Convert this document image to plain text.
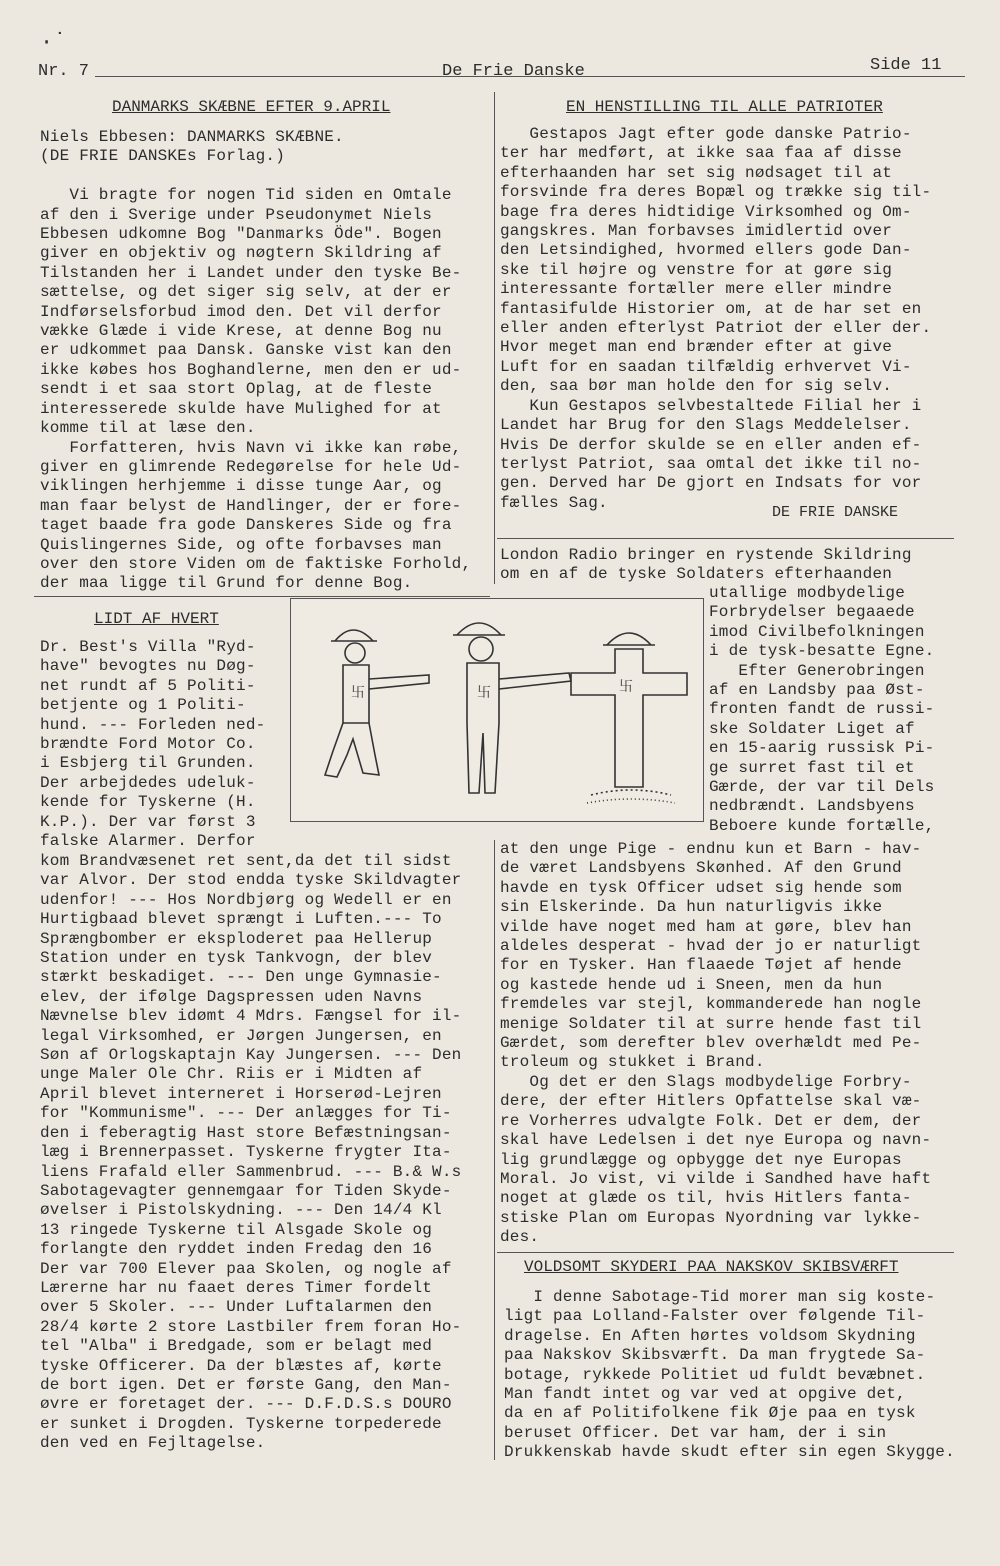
·˙
Nr. 7	De Frie Danske	Side 11
DANMARKS SKÆBNE EFTER 9.APRIL
Niels Ebbesen: DANMARKS SKÆBNE.
(DE FRIE DANSKEs Forlag.)

Vi bragte for nogen Tid siden en Omtale
af den i Sverige under Pseudonymet Niels
Ebbesen udkomne Bog "Danmarks Öde". Bogen
giver en objektiv og nøgtern Skildring af
Tilstanden her i Landet under den tyske Be-
sættelse, og det siger sig selv, at der er
Indførselsforbud imod den. Det vil derfor
vække Glæde i vide Krese, at denne Bog nu
er udkommet paa Dansk. Ganske vist kan den
ikke købes hos Boghandlerne, men den er ud-
sendt i et saa stort Oplag, at de fleste
interesserede skulde have Mulighed for at
komme til at læse den.
Forfatteren, hvis Navn vi ikke kan røbe,
giver en glimrende Redegørelse for hele Ud-
viklingen herhjemme i disse tunge Aar, og
man faar belyst de Handlinger, der er fore-
taget baade fra gode Danskeres Side og fra
Quislingernes Side, og ofte forbavses man
over den store Viden om de faktiske Forhold,
der maa ligge til Grund for denne Bog.
EN HENSTILLING TIL ALLE PATRIOTER
Gestapos Jagt efter gode danske Patrio-
ter har medført, at ikke saa faa af disse
efterhaanden har set sig nødsaget til at
forsvinde fra deres Bopæl og trække sig til-
bage fra deres hidtidige Virksomhed og Om-
gangskres. Man forbavses imidlertid over
den Letsindighed, hvormed ellers gode Dan-
ske til højre og venstre for at gøre sig
interessante fortæller mere eller mindre
fantasifulde Historier om, at de har set en
eller anden efterlyst Patriot der eller der.
Hvor meget man end brænder efter at give
Luft for en saadan tilfældig erhvervet Vi-
den, saa bør man holde den for sig selv.
Kun Gestapos selvbestaltede Filial her i
Landet har Brug for den Slags Meddelelser.
Hvis De derfor skulde se en eller anden ef-
terlyst Patriot, saa omtal det ikke til no-
gen. Derved har De gjort en Indsats for vor
fælles Sag.
DE FRIE DANSKE
LIDT AF HVERT
Dr. Best's Villa "Ryd-
have" bevogtes nu Døg-
net rundt af 5 Politi-
betjente og 1 Politi-
hund. --- Forleden ned-
brændte Ford Motor Co.
i Esbjerg til Grunden.
Der arbejdedes udeluk-
kende for Tyskerne (H.
K.P.). Der var først 3
falske Alarmer. Derfor
kom Brandvæsenet ret sent,da det til sidst
var Alvor. Der stod endda tyske Skildvagter
udenfor! --- Hos Nordbjørg og Wedell er en
Hurtigbaad blevet sprængt i Luften.--- To
Sprængbomber er eksploderet paa Hellerup
Station under en tysk Tankvogn, der blev
stærkt beskadiget. --- Den unge Gymnasie-
elev, der ifølge Dagspressen uden Navns
Nævnelse blev idømt 4 Mdrs. Fængsel for il-
legal Virksomhed, er Jørgen Jungersen, en
Søn af Orlogskaptajn Kay Jungersen. --- Den
unge Maler Ole Chr. Riis er i Midten af
April blevet interneret i Horserød-Lejren
for "Kommunisme". --- Der anlægges for Ti-
den i feberagtig Hast store Befæstningsan-
læg i Brennerpasset. Tyskerne frygter Ita-
liens Frafald eller Sammenbrud. --- B.& W.s
Sabotagevagter gennemgaar for Tiden Skyde-
øvelser i Pistolskydning. --- Den 14/4 Kl
13 ringede Tyskerne til Alsgade Skole og
forlangte den ryddet inden Fredag den 16
Der var 700 Elever paa Skolen, og nogle af
Lærerne har nu faaet deres Timer fordelt
over 5 Skoler. --- Under Luftalarmen den
28/4 kørte 2 store Lastbiler frem foran Ho-
tel "Alba" i Bredgade, som er belagt med
tyske Officerer. Da der blæstes af, kørte
de bort igen. Det er første Gang, den Man-
øvre er foretaget der. --- D.F.D.S.s DOURO
er sunket i Drogden. Tyskerne torpederede
den ved en Fejltagelse.
卐	卐	卐
London Radio bringer en rystende Skildring
om en af de tyske Soldaters efterhaanden
utallige modbydelige
Forbrydelser begaaede
imod Civilbefolkningen
i de tysk-besatte Egne.
Efter Generobringen
af en Landsby paa Øst-
fronten fandt de russi-
ske Soldater Liget af
en 15-aarig russisk Pi-
ge surret fast til et
Gærde, der var til Dels
nedbrændt. Landsbyens
Beboere kunde fortælle,
at den unge Pige - endnu kun et Barn - hav-
de været Landsbyens Skønhed. Af den Grund
havde en tysk Officer udset sig hende som
sin Elskerinde. Da hun naturligvis ikke
vilde have noget med ham at gøre, blev han
aldeles desperat - hvad der jo er naturligt
for en Tysker. Han flaaede Tøjet af hende
og kastede hende ud i Sneen, men da hun
fremdeles var stejl, kommanderede han nogle
menige Soldater til at surre hende fast til
Gærdet, som derefter blev overhældt med Pe-
troleum og stukket i Brand.
Og det er den Slags modbydelige Forbry-
dere, der efter Hitlers Opfattelse skal væ-
re Vorherres udvalgte Folk. Det er dem, der
skal have Ledelsen i det nye Europa og navn-
lig grundlægge og opbygge det nye Europas
Moral. Jo vist, vi vilde i Sandhed have haft
noget at glæde os til, hvis Hitlers fanta-
stiske Plan om Europas Nyordning var lykke-
des.
VOLDSOMT SKYDERI PAA NAKSKOV SKIBSVÆRFT
I denne Sabotage-Tid morer man sig koste-
ligt paa Lolland-Falster over følgende Til-
dragelse. En Aften hørtes voldsom Skydning
paa Nakskov Skibsværft. Da man frygtede Sa-
botage, rykkede Politiet ud fuldt bevæbnet.
Man fandt intet og var ved at opgive det,
da en af Politifolkene fik Øje paa en tysk
beruset Officer. Det var ham, der i sin
Drukkenskab havde skudt efter sin egen Skygge.
